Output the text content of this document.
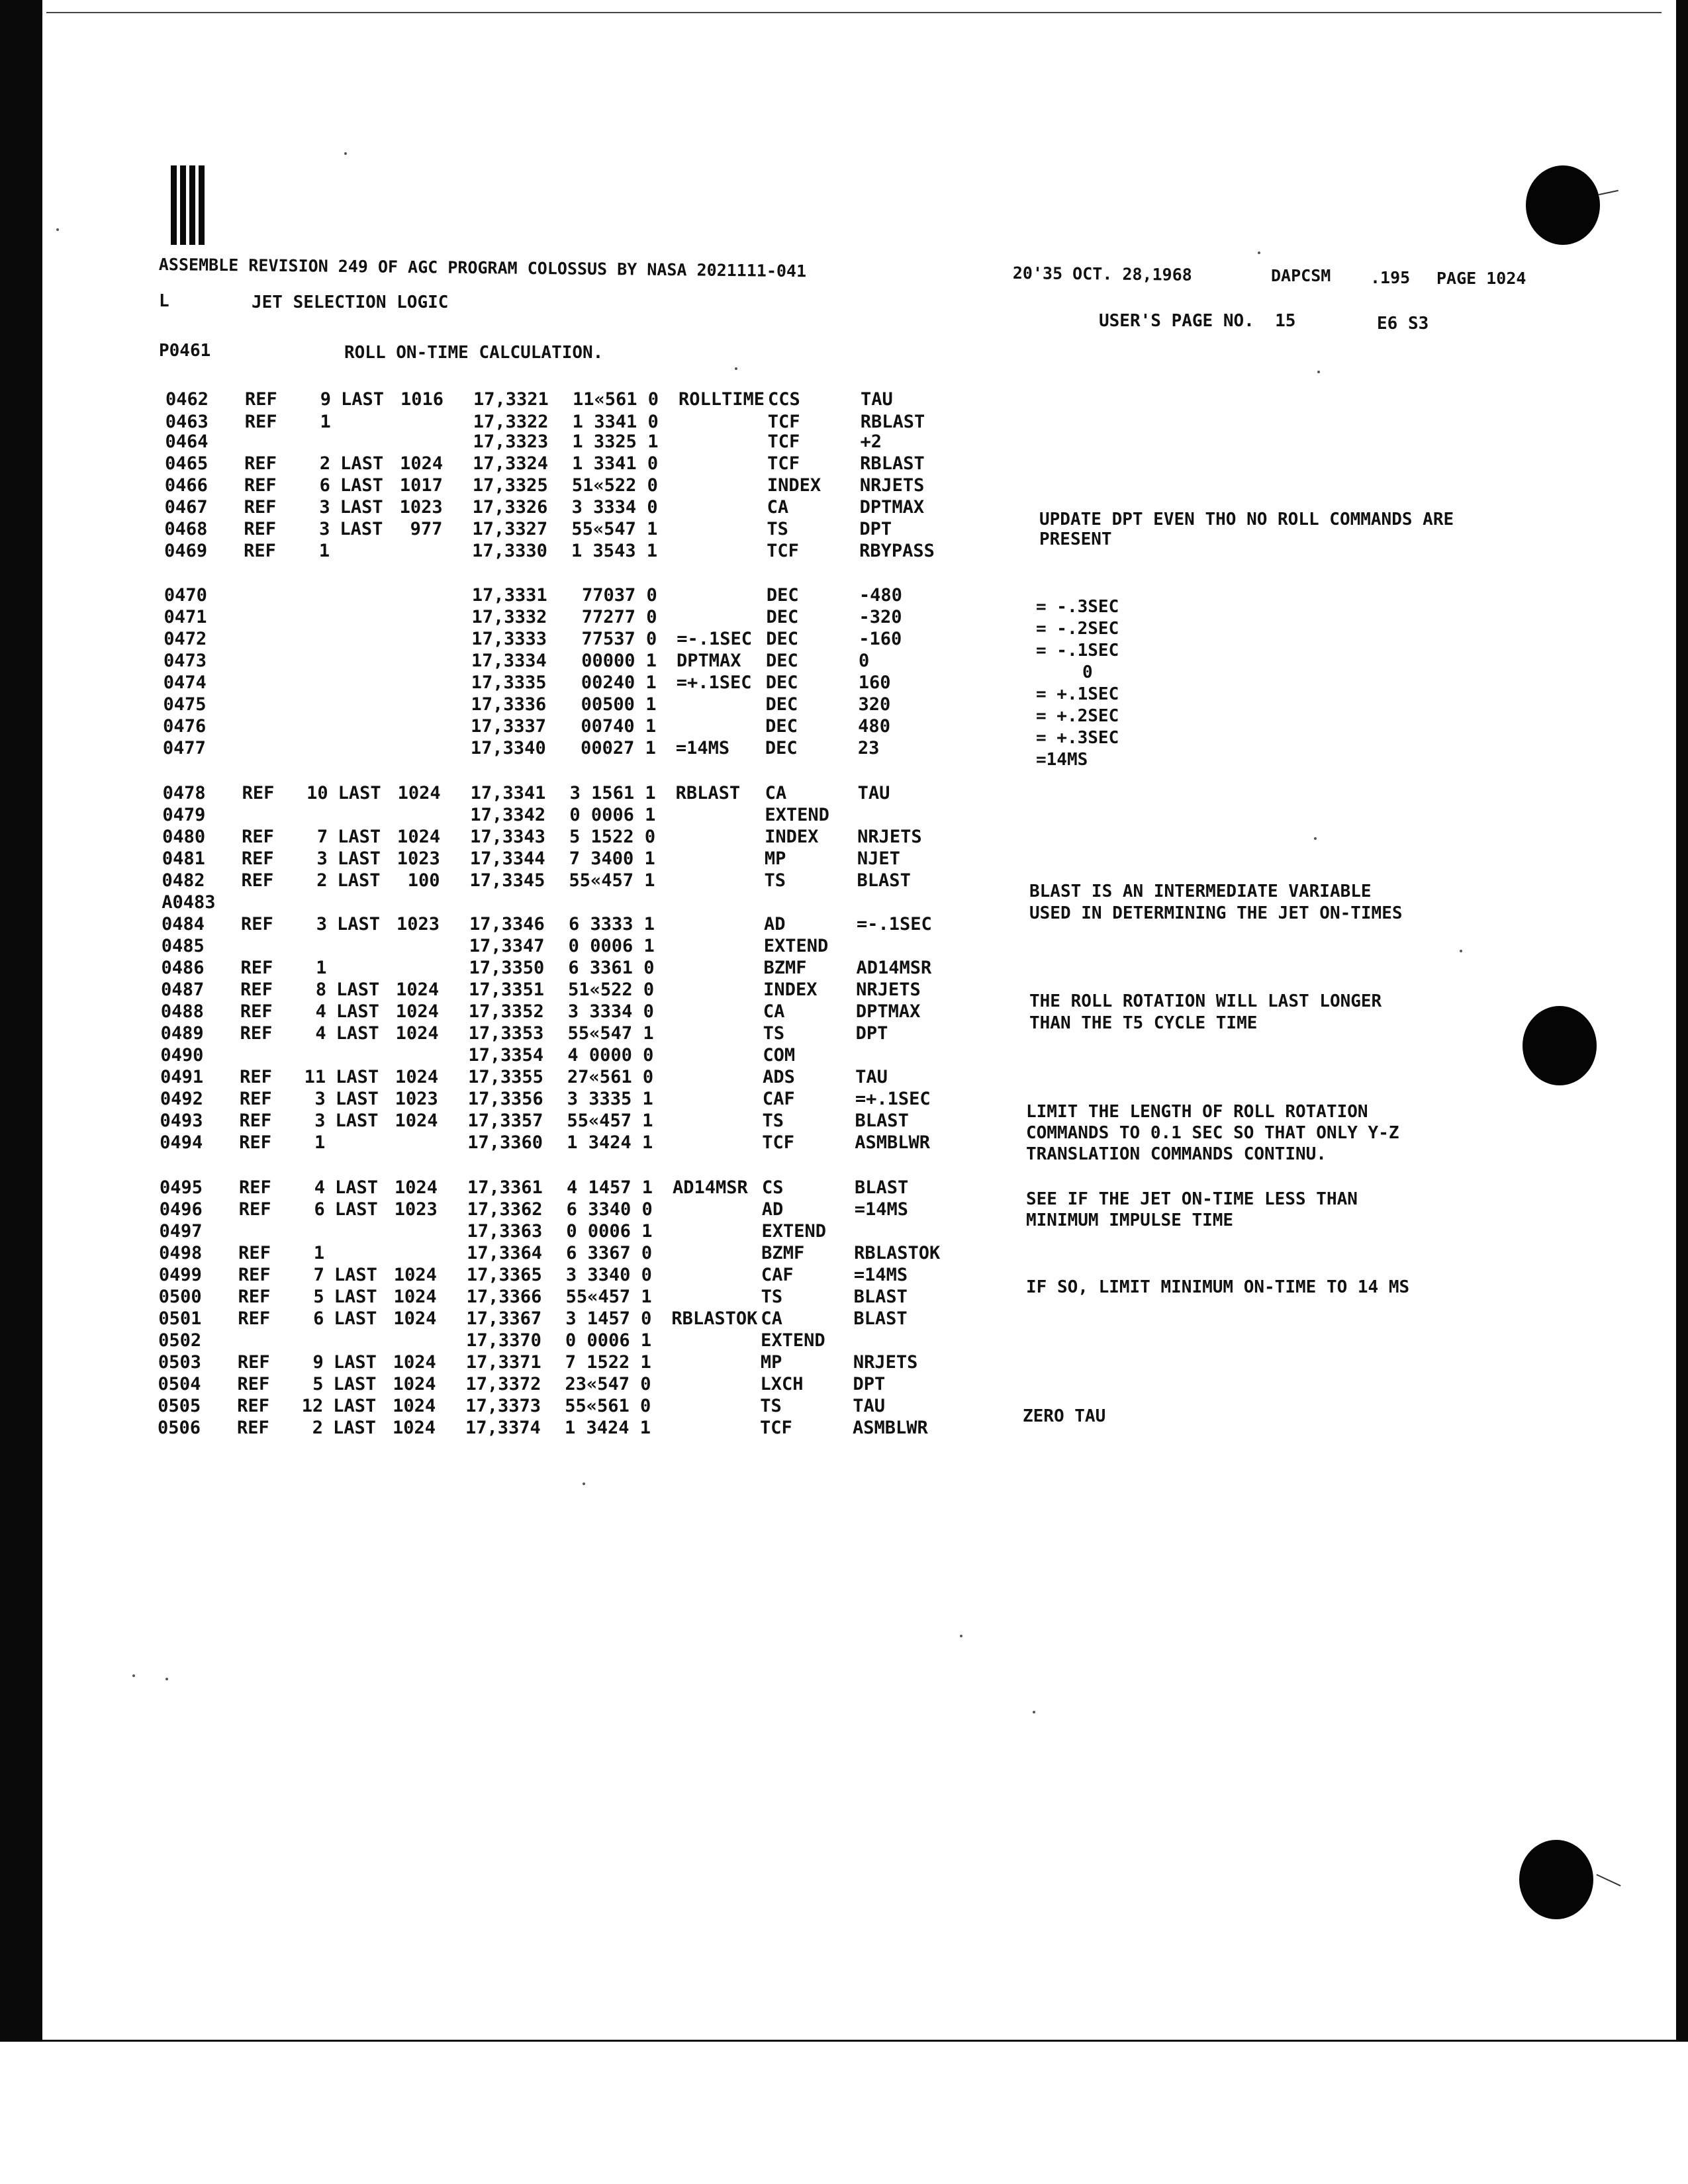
ASSEMBLE REVISION 249 OF AGC PROGRAM COLOSSUS BY NASA 2021111-041	20'35 OCT. 28,1968	DAPCSM .195 PAGE 1024
L	JET SELECTION LOGIC
USER'S PAGE NO.  15	E6 S3
P0461	ROLL ON-TIME CALCULATION.
0462 REF	9 LAST 1016 17,3321	11«561 0 ROLLTIME CCS	TAU
0463 REF	1	17,3322	1 3341 0	TCF	RBLAST
0464	17,3323	1 3325 1	TCF	+2
0465 REF	2 LAST 1024 17,3324	1 3341 0	TCF	RBLAST
0466 REF	6 LAST 1017 17,3325	51«522 0	INDEX NRJETS
0467 REF	3 LAST 1023 17,3326	3 3334 0	CA	DPTMAX
0468 REF	3 LAST	977 17,3327	55«547 1	TS	DPT
0469 REF	1	17,3330	1 3543 1	TCF	RBYPASS
0470	17,3331	77037 0	DEC	-480
0471	17,3332	77277 0	DEC	-320
0472	17,3333	77537 0 =-.1SEC DEC	-160
0473	17,3334	00000 1 DPTMAX DEC	0
0474	17,3335	00240 1 =+.1SEC DEC	160
0475	17,3336	00500 1	DEC	320
0476	17,3337	00740 1	DEC	480
0477	17,3340	00027 1 =14MS DEC	23
0478 REF	10 LAST 1024 17,3341	3 1561 1 RBLAST CA	TAU
0479	17,3342	0 0006 1	EXTEND
0480 REF	7 LAST 1024 17,3343	5 1522 0	INDEX NRJETS
0481 REF	3 LAST 1023 17,3344	7 3400 1	MP	NJET
0482 REF	2 LAST	100 17,3345	55«457 1	TS	BLAST
A0483
0484 REF	3 LAST 1023 17,3346	6 3333 1	AD	=-.1SEC
0485	17,3347	0 0006 1	EXTEND
0486 REF	1	17,3350	6 3361 0	BZMF	AD14MSR
0487 REF	8 LAST 1024 17,3351	51«522 0	INDEX NRJETS
0488 REF	4 LAST 1024 17,3352	3 3334 0	CA	DPTMAX
0489 REF	4 LAST 1024 17,3353	55«547 1	TS	DPT
0490	17,3354	4 0000 0	COM
0491 REF	11 LAST 1024 17,3355	27«561 0	ADS	TAU
0492 REF	3 LAST 1023 17,3356	3 3335 1	CAF	=+.1SEC
0493 REF	3 LAST 1024 17,3357	55«457 1	TS	BLAST
0494 REF	1	17,3360	1 3424 1	TCF	ASMBLWR
0495 REF	4 LAST 1024 17,3361	4 1457 1 AD14MSR CS	BLAST
0496 REF	6 LAST 1023 17,3362	6 3340 0	AD	=14MS
0497	17,3363	0 0006 1	EXTEND
0498 REF	1	17,3364	6 3367 0	BZMF	RBLASTOK
0499 REF	7 LAST 1024 17,3365	3 3340 0	CAF	=14MS
0500 REF	5 LAST 1024 17,3366	55«457 1	TS	BLAST
0501 REF	6 LAST 1024 17,3367	3 1457 0 RBLASTOK CA	BLAST
0502	17,3370	0 0006 1	EXTEND
0503 REF	9 LAST 1024 17,3371	7 1522 1	MP	NRJETS
0504 REF	5 LAST 1024 17,3372	23«547 0	LXCH	DPT
0505 REF	12 LAST 1024 17,3373	55«561 0	TS	TAU
0506 REF	2 LAST 1024 17,3374	1 3424 1	TCF	ASMBLWR
UPDATE DPT EVEN THO NO ROLL COMMANDS ARE
PRESENT
= -.3SEC
= -.2SEC
= -.1SEC
0
= +.1SEC
= +.2SEC
= +.3SEC
=14MS
BLAST IS AN INTERMEDIATE VARIABLE
USED IN DETERMINING THE JET ON-TIMES
THE ROLL ROTATION WILL LAST LONGER
THAN THE T5 CYCLE TIME
LIMIT THE LENGTH OF ROLL ROTATION
COMMANDS TO 0.1 SEC SO THAT ONLY Y-Z
TRANSLATION COMMANDS CONTINU.
SEE IF THE JET ON-TIME LESS THAN
MINIMUM IMPULSE TIME
IF SO, LIMIT MINIMUM ON-TIME TO 14 MS
ZERO TAU
